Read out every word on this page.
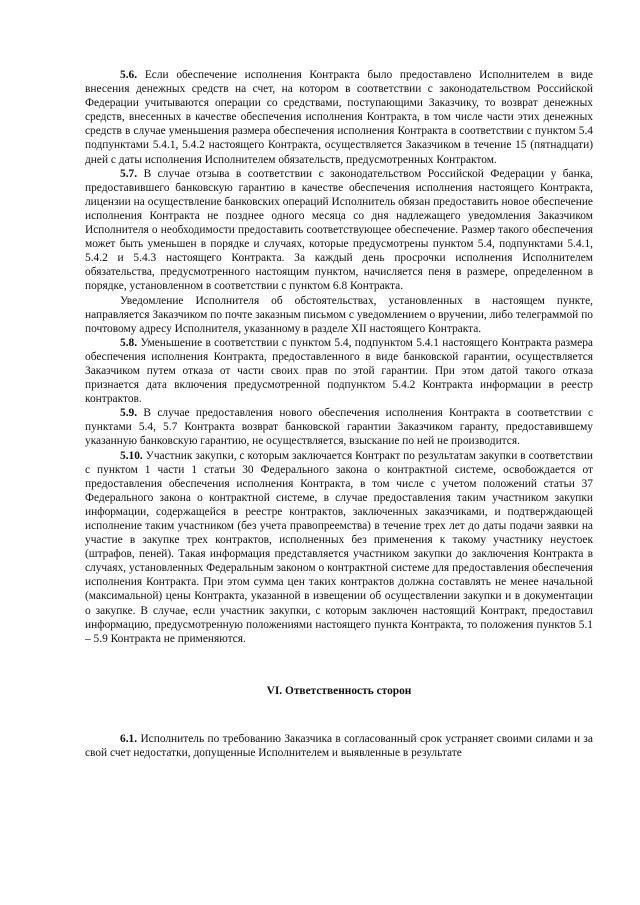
5.6. Если обеспечение исполнения Контракта было предоставлено Исполнителем в виде внесения денежных средств на счет, на котором в соответствии с законодательством Российской Федерации учитываются операции со средствами, поступающими Заказчику, то возврат денежных средств, внесенных в качестве обеспечения исполнения Контракта, в том числе части этих денежных средств в случае уменьшения размера обеспечения исполнения Контракта в соответствии с пунктом 5.4 подпунктами 5.4.1, 5.4.2 настоящего Контракта, осуществляется Заказчиком в течение 15 (пятнадцати) дней с даты исполнения Исполнителем обязательств, предусмотренных Контрактом.

5.7. В случае отзыва в соответствии с законодательством Российской Федерации у банка, предоставившего банковскую гарантию в качестве обеспечения исполнения настоящего Контракта, лицензии на осуществление банковских операций Исполнитель обязан предоставить новое обеспечение исполнения Контракта не позднее одного месяца со дня надлежащего уведомления Заказчиком Исполнителя о необходимости предоставить соответствующее обеспечение. Размер такого обеспечения может быть уменьшен в порядке и случаях, которые предусмотрены пунктом 5.4, подпунктами 5.4.1, 5.4.2 и 5.4.3 настоящего Контракта. За каждый день просрочки исполнения Исполнителем обязательства, предусмотренного настоящим пунктом, начисляется пеня в размере, определенном в порядке, установленном в соответствии с пунктом 6.8 Контракта.

Уведомление Исполнителя об обстоятельствах, установленных в настоящем пункте, направляется Заказчиком по почте заказным письмом с уведомлением о вручении, либо телеграммой по почтовому адресу Исполнителя, указанному в разделе XII настоящего Контракта.

5.8. Уменьшение в соответствии с пунктом 5.4, подпунктом 5.4.1 настоящего Контракта размера обеспечения исполнения Контракта, предоставленного в виде банковской гарантии, осуществляется Заказчиком путем отказа от части своих прав по этой гарантии. При этом датой такого отказа признается дата включения предусмотренной подпунктом 5.4.2 Контракта информации в реестр контрактов.

5.9. В случае предоставления нового обеспечения исполнения Контракта в соответствии с пунктами 5.4, 5.7 Контракта возврат банковской гарантии Заказчиком гаранту, предоставившему указанную банковскую гарантию, не осуществляется, взыскание по ней не производится.

5.10. Участник закупки, с которым заключается Контракт по результатам закупки в соответствии с пунктом 1 части 1 статьи 30 Федерального закона о контрактной системе, освобождается от предоставления обеспечения исполнения Контракта, в том числе с учетом положений статьи 37 Федерального закона о контрактной системе, в случае предоставления таким участником закупки информации, содержащейся в реестре контрактов, заключенных заказчиками, и подтверждающей исполнение таким участником (без учета правопреемства) в течение трех лет до даты подачи заявки на участие в закупке трех контрактов, исполненных без применения к такому участнику неустоек (штрафов, пеней). Такая информация представляется участником закупки до заключения Контракта в случаях, установленных Федеральным законом о контрактной системе для предоставления обеспечения исполнения Контракта. При этом сумма цен таких контрактов должна составлять не менее начальной (максимальной) цены Контракта, указанной в извещении об осуществлении закупки и в документации о закупке. В случае, если участник закупки, с которым заключен настоящий Контракт, предоставил информацию, предусмотренную положениями настоящего пункта Контракта, то положения пунктов 5.1 – 5.9 Контракта не применяются.

VI. Ответственность сторон

6.1. Исполнитель по требованию Заказчика в согласованный срок устраняет своими силами и за свой счет недостатки, допущенные Исполнителем и выявленные в результате
